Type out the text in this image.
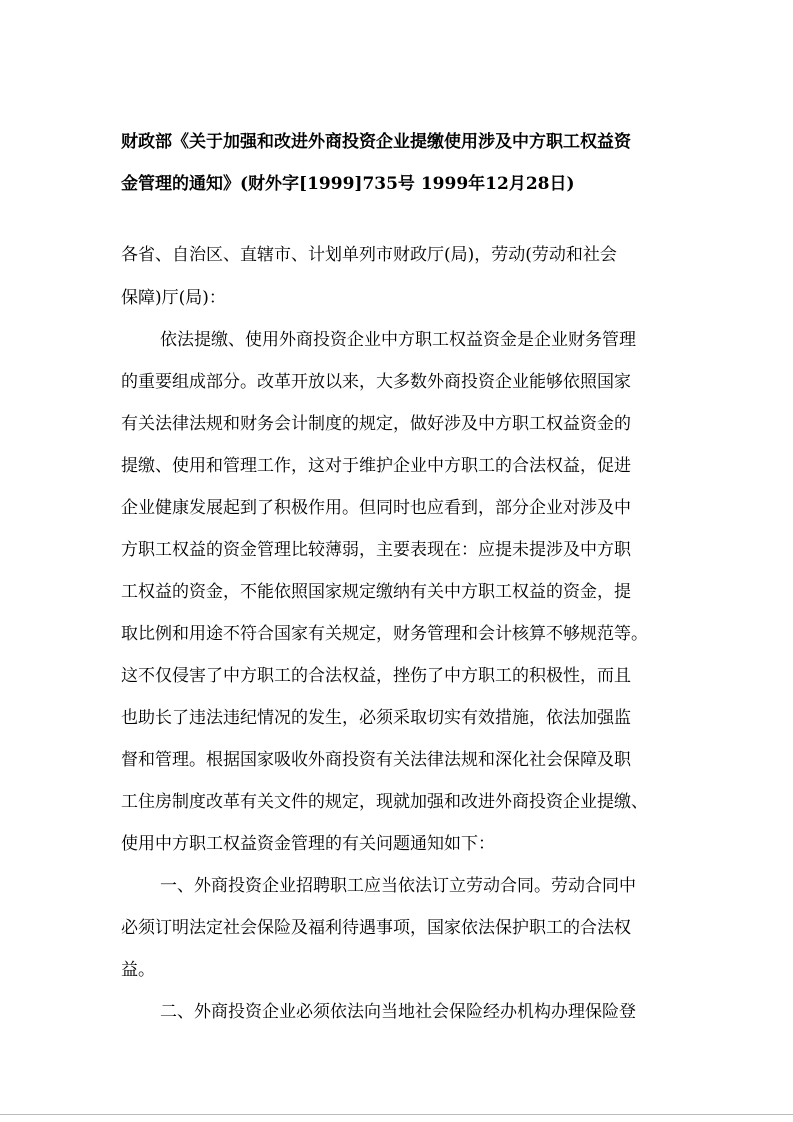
财政部《关于加强和改进外商投资企业提缴使用涉及中方职工权益资

金管理的通知》(财外字[1999]735号 1999年12月28日)

各省、自治区、直辖市、计划单列市财政厅(局)，劳动(劳动和社会

保障)厅(局)：

依法提缴、使用外商投资企业中方职工权益资金是企业财务管理

的重要组成部分。改革开放以来，大多数外商投资企业能够依照国家

有关法律法规和财务会计制度的规定，做好涉及中方职工权益资金的

提缴、使用和管理工作，这对于维护企业中方职工的合法权益，促进

企业健康发展起到了积极作用。但同时也应看到，部分企业对涉及中

方职工权益的资金管理比较薄弱，主要表现在：应提未提涉及中方职

工权益的资金，不能依照国家规定缴纳有关中方职工权益的资金，提

取比例和用途不符合国家有关规定，财务管理和会计核算不够规范等。

这不仅侵害了中方职工的合法权益，挫伤了中方职工的积极性，而且

也助长了违法违纪情况的发生，必须采取切实有效措施，依法加强监

督和管理。根据国家吸收外商投资有关法律法规和深化社会保障及职

工住房制度改革有关文件的规定，现就加强和改进外商投资企业提缴、

使用中方职工权益资金管理的有关问题通知如下：

一、外商投资企业招聘职工应当依法订立劳动合同。劳动合同中

必须订明法定社会保险及福利待遇事项，国家依法保护职工的合法权

益。

二、外商投资企业必须依法向当地社会保险经办机构办理保险登
